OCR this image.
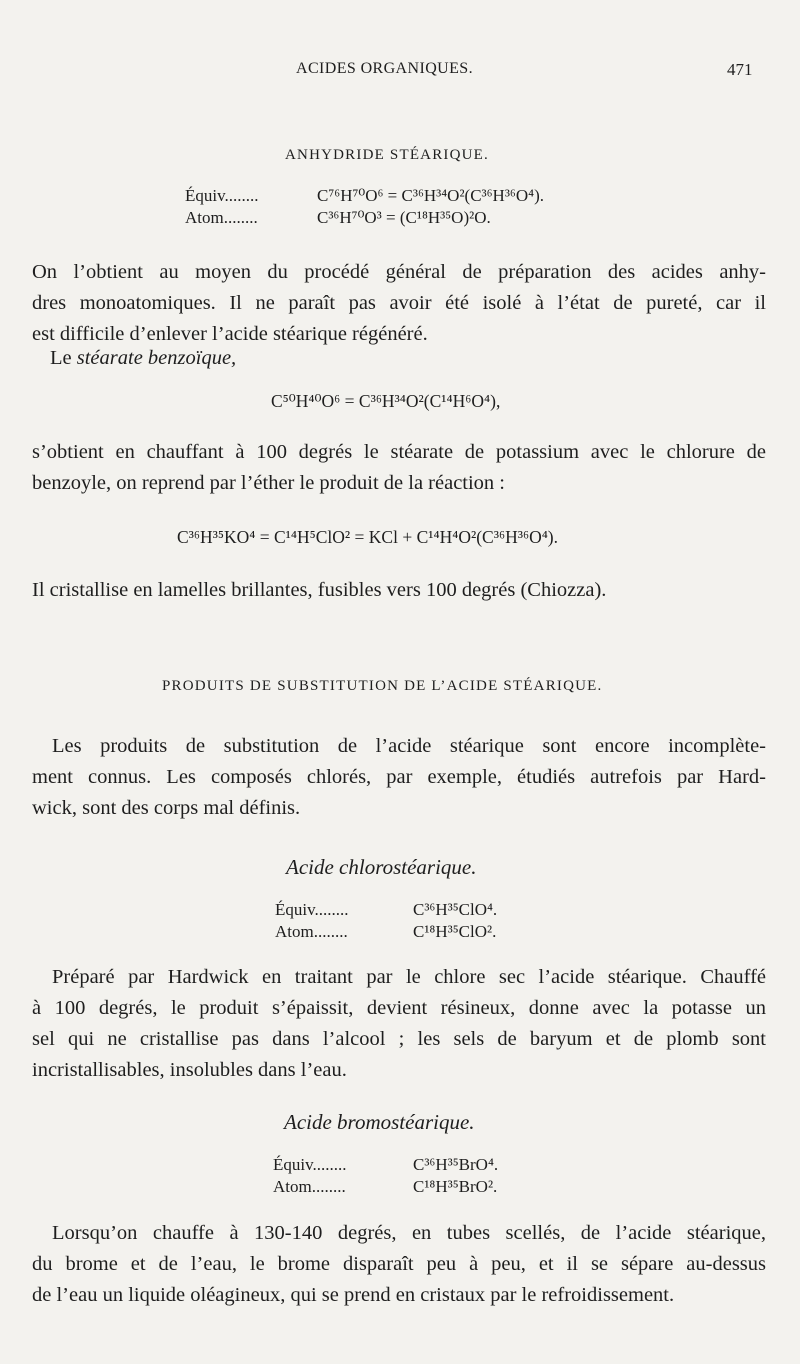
ACIDES ORGANIQUES.	471
ANHYDRIDE STÉARIQUE.
Équiv........	C⁷⁶H⁷⁰O⁶ = C³⁶H³⁴O²(C³⁶H³⁶O⁴).
Atom........	C³⁶H⁷⁰O³ = (C¹⁸H³⁵O)²O.

On l’obtient au moyen du procédé général de préparation des acides anhy-
dres monoatomiques. Il ne paraît pas avoir été isolé à l’état de pureté, car il
est difficile d’enlever l’acide stéarique régénéré.

Le stéarate benzoïque,

C⁵⁰H⁴⁰O⁶ = C³⁶H³⁴O²(C¹⁴H⁶O⁴),

s’obtient en chauffant à 100 degrés le stéarate de potassium avec le chlorure de
benzoyle, on reprend par l’éther le produit de la réaction :

C³⁶H³⁵KO⁴ = C¹⁴H⁵ClO² = KCl + C¹⁴H⁴O²(C³⁶H³⁶O⁴).

Il cristallise en lamelles brillantes, fusibles vers 100 degrés (Chiozza).

PRODUITS DE SUBSTITUTION DE L’ACIDE STÉARIQUE.

Les produits de substitution de l’acide stéarique sont encore incomplète-
ment connus. Les composés chlorés, par exemple, étudiés autrefois par Hard-
wick, sont des corps mal définis.

Acide chlorostéarique.
Équiv........	C³⁶H³⁵ClO⁴.
Atom........	C¹⁸H³⁵ClO².

Préparé par Hardwick en traitant par le chlore sec l’acide stéarique. Chauffé
à 100 degrés, le produit s’épaissit, devient résineux, donne avec la potasse un
sel qui ne cristallise pas dans l’alcool ; les sels de baryum et de plomb sont
incristallisables, insolubles dans l’eau.

Acide bromostéarique.
Équiv........	C³⁶H³⁵BrO⁴.
Atom........	C¹⁸H³⁵BrO².

Lorsqu’on chauffe à 130-140 degrés, en tubes scellés, de l’acide stéarique,
du brome et de l’eau, le brome disparaît peu à peu, et il se sépare au-dessus
de l’eau un liquide oléagineux, qui se prend en cristaux par le refroidissement.
